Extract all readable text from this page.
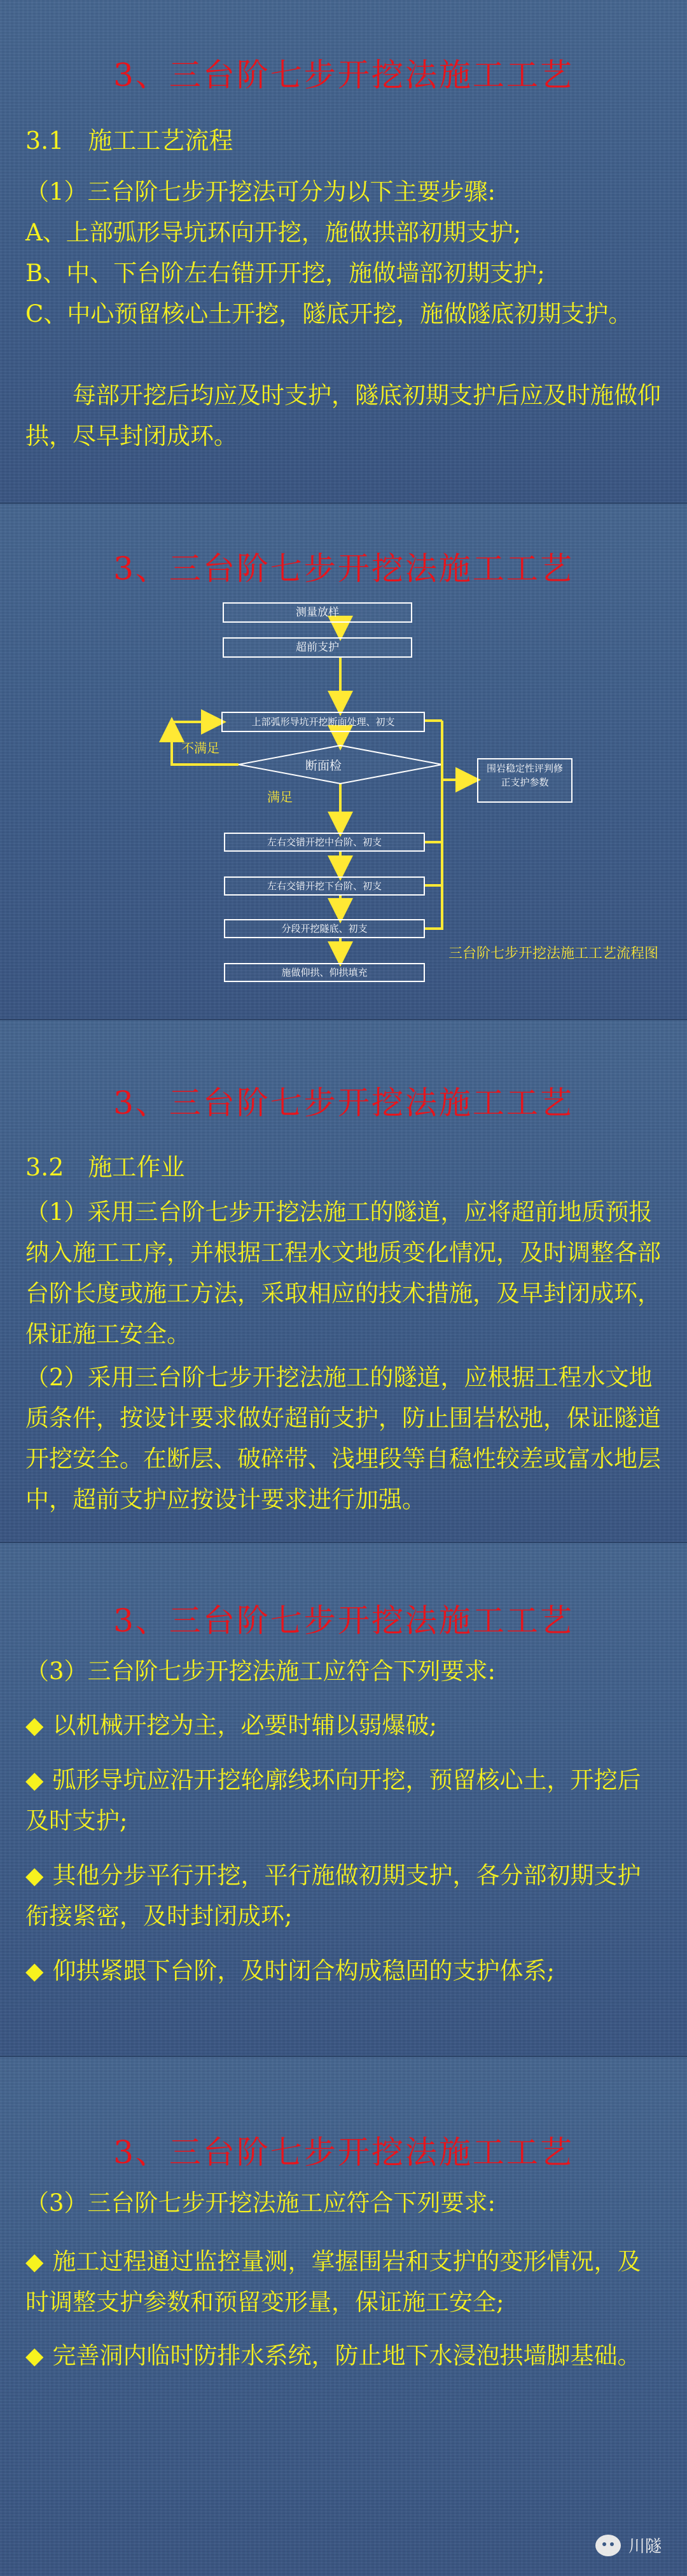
3、三台阶七步开挖法施工工艺
3.1　施工工艺流程
（1）三台阶七步开挖法可分为以下主要步骤:
A、上部弧形导坑环向开挖，施做拱部初期支护;
B、中、下台阶左右错开开挖，施做墙部初期支护;
C、中心预留核心土开挖，隧底开挖，施做隧底初期支护。

每部开挖后均应及时支护，隧底初期支护后应及时施做仰拱，尽早封闭成环。

3、三台阶七步开挖法施工工艺
测量放样
超前支护
上部弧形导坑开挖断面处理、初支
断面检
不满足
满足
左右交错开挖中台阶、初支
左右交错开挖下台阶、初支
分段开挖隧底、初支
施做仰拱、仰拱填充
围岩稳定性评判修正支护参数
三台阶七步开挖法施工工艺流程图
3、三台阶七步开挖法施工工艺
3.2　施工作业

（1）采用三台阶七步开挖法施工的隧道，应将超前地质预报纳入施工工序，并根据工程水文地质变化情况，及时调整各部台阶长度或施工方法，采取相应的技术措施，及早封闭成环，保证施工安全。

（2）采用三台阶七步开挖法施工的隧道，应根据工程水文地质条件，按设计要求做好超前支护，防止围岩松弛，保证隧道开挖安全。在断层、破碎带、浅埋段等自稳性较差或富水地层中，超前支护应按设计要求进行加强。

3、三台阶七步开挖法施工工艺

（3）三台阶七步开挖法施工应符合下列要求:

◆ 以机械开挖为主，必要时辅以弱爆破;
◆ 弧形导坑应沿开挖轮廓线环向开挖，预留核心土，开挖后及时支护;
◆ 其他分步平行开挖，平行施做初期支护，各分部初期支护衔接紧密，及时封闭成环;
◆ 仰拱紧跟下台阶，及时闭合构成稳固的支护体系;
3、三台阶七步开挖法施工工艺

（3）三台阶七步开挖法施工应符合下列要求:

◆ 施工过程通过监控量测，掌握围岩和支护的变形情况，及时调整支护参数和预留变形量，保证施工安全;
◆ 完善洞内临时防排水系统，防止地下水浸泡拱墙脚基础。
川隧
